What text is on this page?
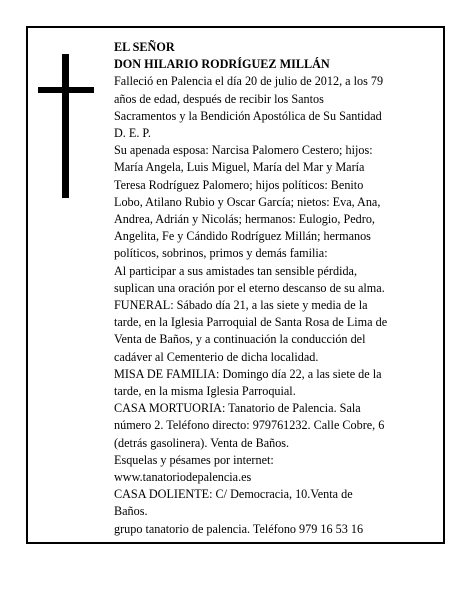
EL SEÑOR
DON HILARIO RODRÍGUEZ MILLÁN
Falleció en Palencia el día 20 de julio de 2012, a los 79
años de edad, después de recibir los Santos
Sacramentos y la Bendición Apostólica de Su Santidad
D. E. P.
Su apenada esposa: Narcisa Palomero Cestero; hijos:
María Angela, Luis Miguel, María del Mar y María
Teresa Rodríguez Palomero; hijos políticos: Benito
Lobo, Atilano Rubio y Oscar García; nietos: Eva, Ana,
Andrea, Adrián y Nicolás; hermanos: Eulogio, Pedro,
Angelita, Fe y Cándido Rodríguez Millán; hermanos
políticos, sobrinos, primos y demás familia:
Al participar a sus amistades tan sensible pérdida,
suplican una oración por el eterno descanso de su alma.
FUNERAL: Sábado día 21, a las siete y media de la
tarde, en la Iglesia Parroquial de Santa Rosa de Lima de
Venta de Baños, y a continuación la conducción del
cadáver al Cementerio de dicha localidad.
MISA DE FAMILIA: Domingo día 22, a las siete de la
tarde, en la misma Iglesia Parroquial.
CASA MORTUORIA: Tanatorio de Palencia. Sala
número 2. Teléfono directo: 979761232. Calle Cobre, 6
(detrás gasolinera). Venta de Baños.
Esquelas y pésames por internet:
www.tanatoriodepalencia.es
CASA DOLIENTE: C/ Democracia, 10.Venta de
Baños.
grupo tanatorio de palencia. Teléfono 979 16 53 16
